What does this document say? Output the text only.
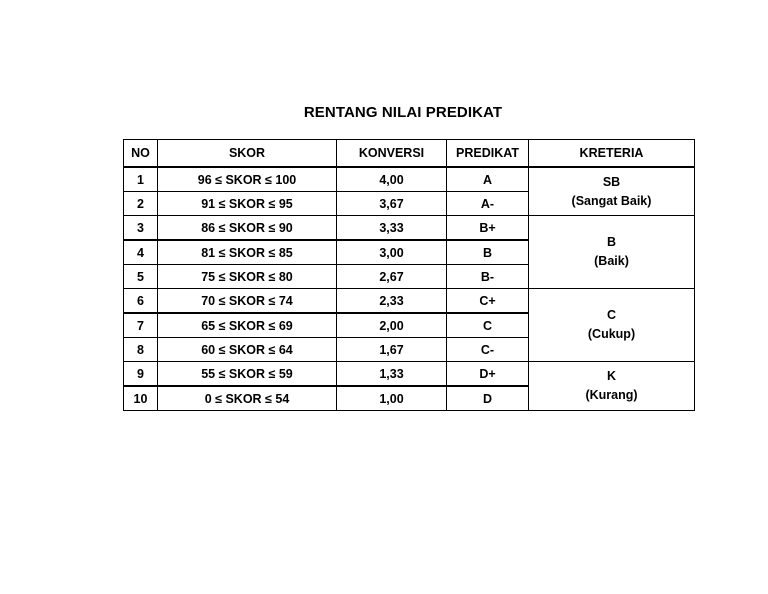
RENTANG NILAI PREDIKAT
NO	SKOR	KONVERSI	PREDIKAT	KRETERIA
1	96 ≤ SKOR ≤ 100	4,00	A	SB
(Sangat Baik)

2	91 ≤ SKOR ≤ 95	3,67	A-	
3	86 ≤ SKOR ≤ 90	3,33	B+	B
(Baik)

4	81 ≤ SKOR ≤ 85	3,00	B	
5	75 ≤ SKOR ≤ 80	2,67	B-	
6	70 ≤ SKOR ≤ 74	2,33	C+	C
(Cukup)

7	65 ≤ SKOR ≤ 69	2,00	C	
8	60 ≤ SKOR ≤ 64	1,67	C-	
9	55 ≤ SKOR ≤ 59	1,33	D+	K
(Kurang)

10	0 ≤ SKOR ≤ 54	1,00	D	
